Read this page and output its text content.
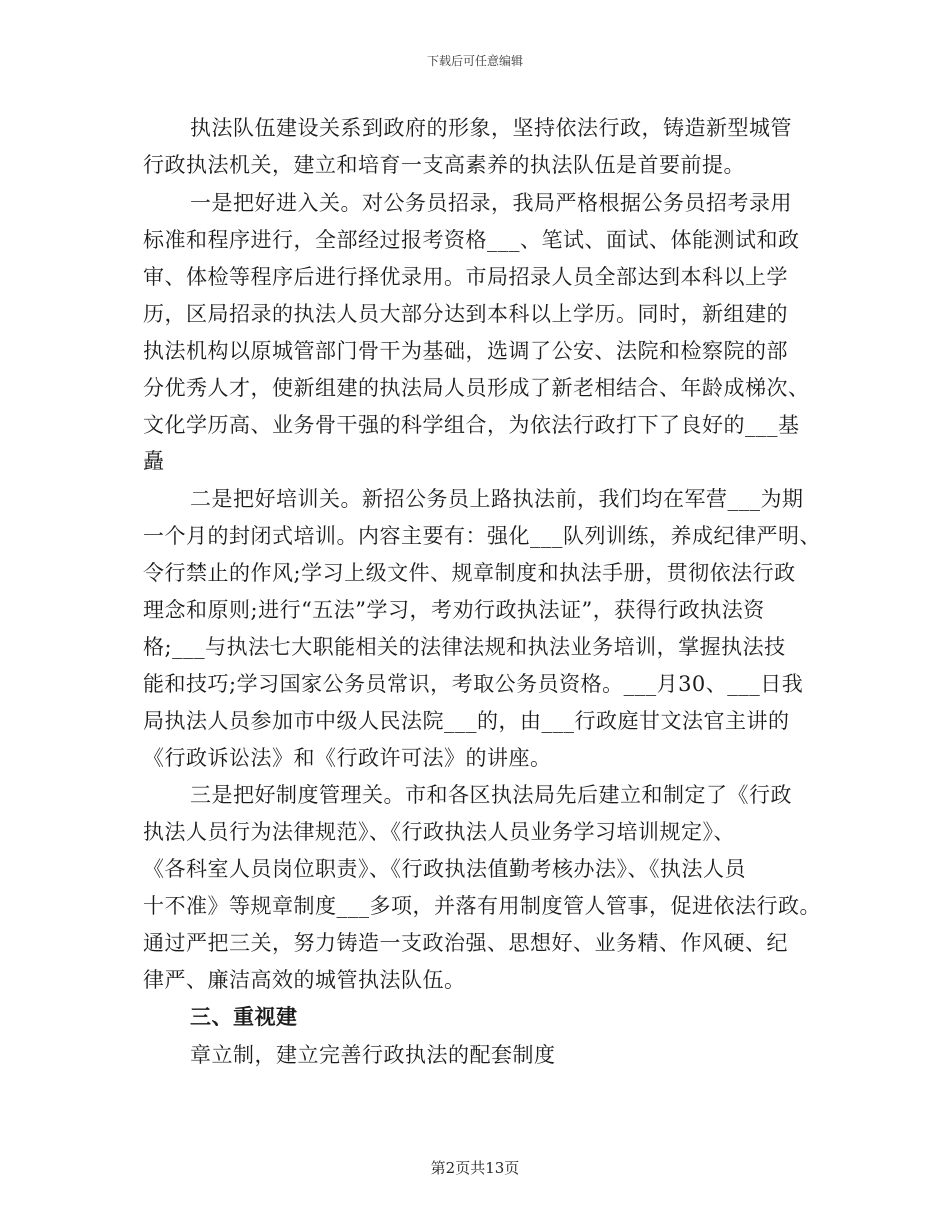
下载后可任意编辑
执法队伍建设关系到政府的形象，坚持依法行政，铸造新型城管
行政执法机关，建立和培育一支高素养的执法队伍是首要前提。
一是把好进入关。对公务员招录，我局严格根据公务员招考录用
标准和程序进行，全部经过报考资格___、笔试、面试、体能测试和政
审、体检等程序后进行择优录用。市局招录人员全部达到本科以上学
历，区局招录的执法人员大部分达到本科以上学历。同时，新组建的
执法机构以原城管部门骨干为基础，选调了公安、法院和检察院的部
分优秀人才，使新组建的执法局人员形成了新老相结合、年龄成梯次、
文化学历高、业务骨干强的科学组合，为依法行政打下了良好的___基
矗
二是把好培训关。新招公务员上路执法前，我们均在军营___为期
一个月的封闭式培训。内容主要有：强化___队列训练，养成纪律严明、
令行禁止的作风;学习上级文件、规章制度和执法手册，贯彻依法行政
理念和原则;进行“五法”学习，考劝行政执法证”，获得行政执法资
格;___与执法七大职能相关的法律法规和执法业务培训，掌握执法技
能和技巧;学习国家公务员常识，考取公务员资格。___月30、___日我
局执法人员参加市中级人民法院___的，由___行政庭甘文法官主讲的
《行政诉讼法》和《行政许可法》的讲座。
三是把好制度管理关。市和各区执法局先后建立和制定了《行政
执法人员行为法律规范》、《行政执法人员业务学习培训规定》、
《各科室人员岗位职责》、《行政执法值勤考核办法》、《执法人员
十不准》等规章制度___多项，并落有用制度管人管事，促进依法行政。
通过严把三关，努力铸造一支政治强、思想好、业务精、作风硬、纪
律严、廉洁高效的城管执法队伍。
三、重视建
章立制，建立完善行政执法的配套制度
第2页共13页
